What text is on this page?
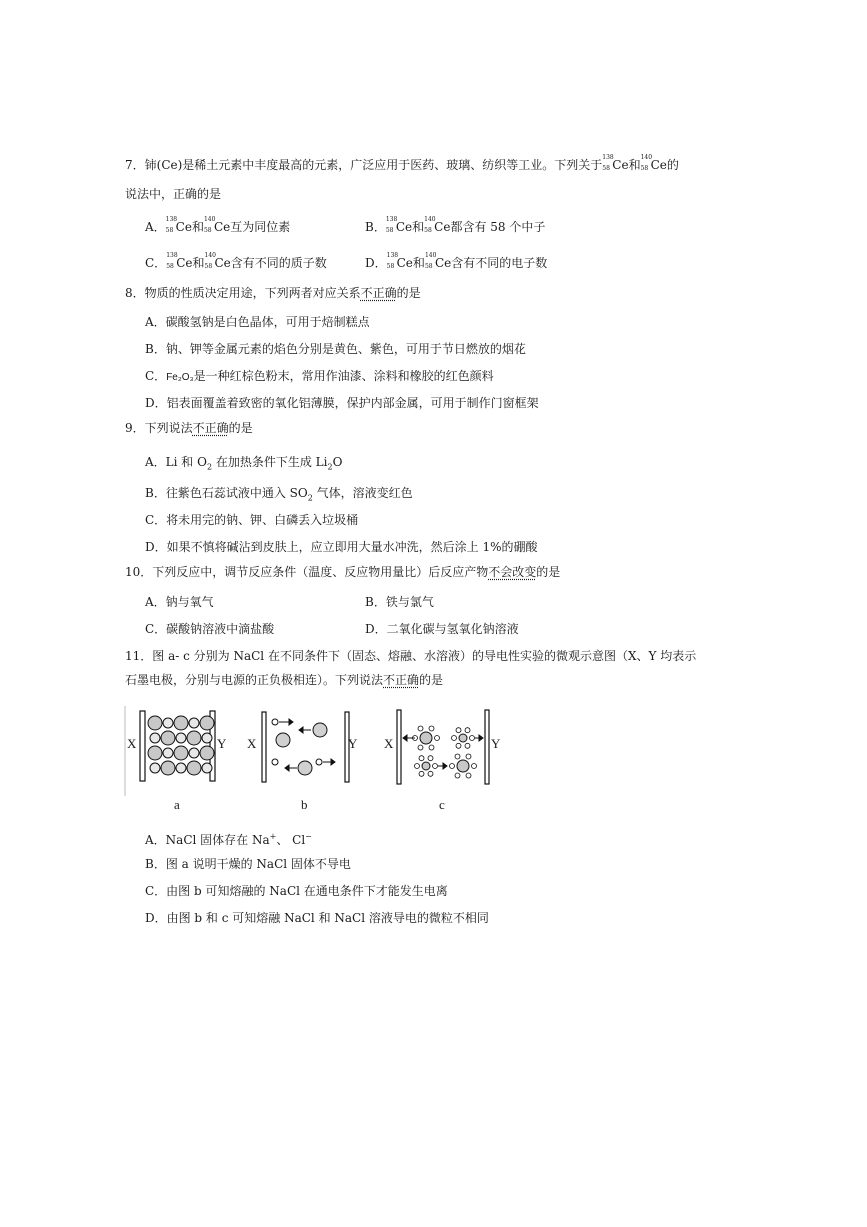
7．铈(Ce)是稀土元素中丰度最高的元素，广泛应用于医药、玻璃、纺织等工业。下列关于
138
58 Ce和
140
58 Ce的
说法中，正确的是
A．
138
58 Ce和
140
58 Ce互为同位素	B．
138
58 Ce和
140
58 Ce都含有 58 个中子
C．
138
58 Ce和
140
58 Ce含有不同的质子数	D．
138
58 Ce和
140
58 Ce含有不同的电子数
8．物质的性质决定用途，下列两者对应关系不正确的是
A．碳酸氢钠是白色晶体，可用于焙制糕点
B．钠、钾等金属元素的焰色分别是黄色、紫色，可用于节日燃放的烟花
C．Fe₂O₃是一种红棕色粉末，常用作油漆、涂料和橡胶的红色颜料
D．铝表面覆盖着致密的氧化铝薄膜，保护内部金属，可用于制作门窗框架
9．下列说法不正确的是
A．Li 和 $O_2$ 在加热条件下生成 $Li_2O$
B．往紫色石蕊试液中通入 $SO_2$ 气体，溶液变红色
C．将未用完的钠、钾、白磷丢入垃圾桶
D．如果不慎将碱沾到皮肤上，应立即用大量水冲洗，然后涂上 1%的硼酸
10．下列反应中，调节反应条件（温度、反应物用量比）后反应产物不会改变的是
A．钠与氧气	B．铁与氯气
C．碳酸钠溶液中滴盐酸	D．二氧化碳与氢氧化钠溶液
11．图 a- c 分别为 NaCl 在不同条件下（固态、熔融、水溶液）的导电性实验的微观示意图（X、Y 均表示
石墨电极，分别与电源的正负极相连）。下列说法不正确的是
X	Y
a
X	Y
b
X	Y
c
A．NaCl 固体存在 Na+、 Cl−
B．图 a 说明干燥的 NaCl 固体不导电
C．由图 b 可知熔融的 NaCl 在通电条件下才能发生电离
D．由图 b 和 c 可知熔融 NaCl 和 NaCl 溶液导电的微粒不相同
